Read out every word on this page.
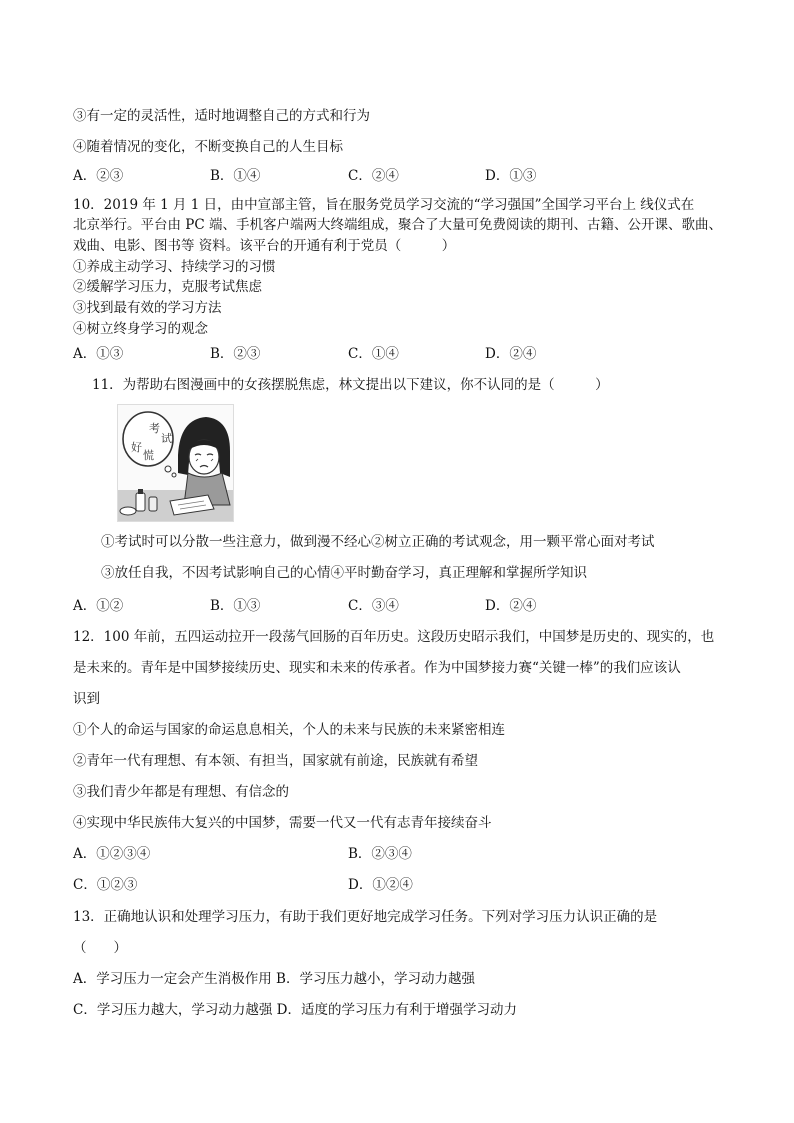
③有一定的灵活性，适时地调整自己的方式和行为
④随着情况的变化，不断变换自己的人生目标
A．②③	B．①④	C．②④	D．①③
10．2019 年 1 月 1 日，由中宣部主管，旨在服务党员学习交流的“学习强国”全国学习平台上 线仪式在
北京举行。平台由 PC 端、手机客户端两大终端组成，聚合了大量可免费阅读的期刊、古籍、公开课、歌曲、
戏曲、电影、图书等 资料。该平台的开通有利于党员（　　　）
①养成主动学习、持续学习的习惯
②缓解学习压力，克服考试焦虑
③找到最有效的学习方法
④树立终身学习的观念
A．①③	B．②③	C．①④	D．②④
11．为帮助右图漫画中的女孩摆脱焦虑，林文提出以下建议，你不认同的是（　　　）
考
试
好
慌
①考试时可以分散一些注意力，做到漫不经心②树立正确的考试观念，用一颗平常心面对考试
③放任自我，不因考试影响自己的心情④平时勤奋学习，真正理解和掌握所学知识
A．①②	B．①③	C．③④	D．②④
12．100 年前，五四运动拉开一段荡气回肠的百年历史。这段历史昭示我们，中国梦是历史的、现实的，也
是未来的。青年是中国梦接续历史、现实和未来的传承者。作为中国梦接力赛“关键一棒”的我们应该认
识到
①个人的命运与国家的命运息息相关，个人的未来与民族的未来紧密相连
②青年一代有理想、有本领、有担当，国家就有前途，民族就有希望
③我们青少年都是有理想、有信念的
④实现中华民族伟大复兴的中国梦，需要一代又一代有志青年接续奋斗
A．①②③④	B．②③④
C．①②③	D．①②④
13．正确地认识和处理学习压力，有助于我们更好地完成学习任务。下列对学习压力认识正确的是
（　　）
A．学习压力一定会产生消极作用 B．学习压力越小，学习动力越强
C．学习压力越大，学习动力越强 D．适度的学习压力有利于增强学习动力
